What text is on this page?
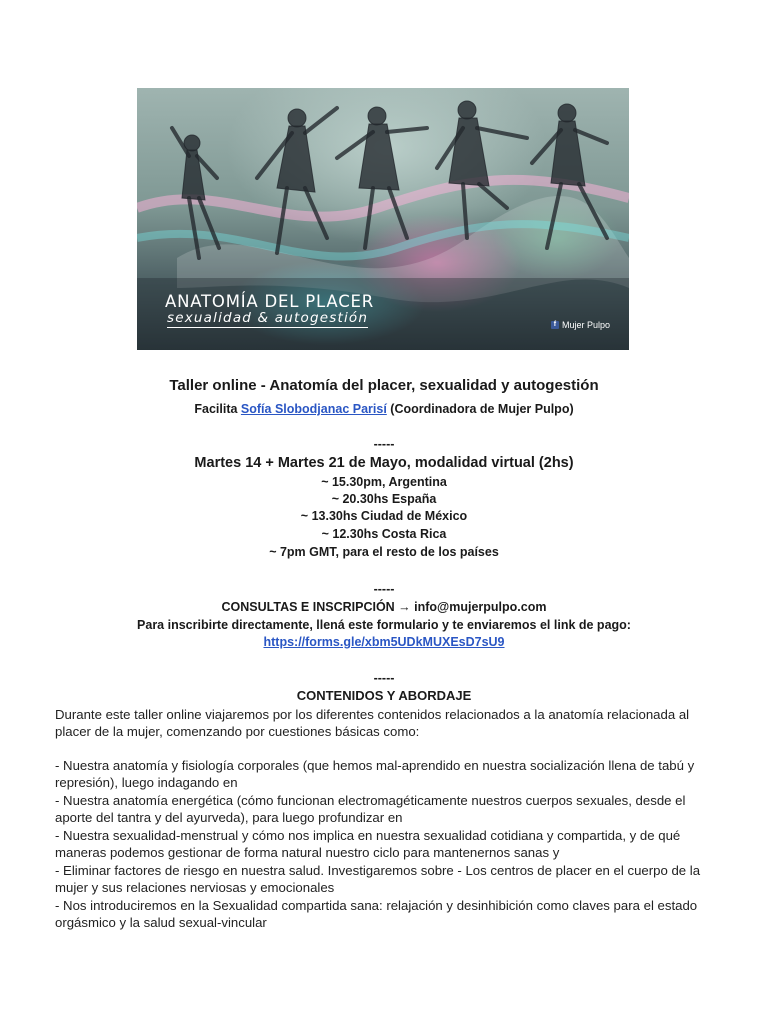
ANATOMÍA DEL PLACER

sexualidad & autogestión	f Mujer Pulpo

Taller online - Anatomía del placer, sexualidad y autogestión

Facilita Sofía Slobodjanac Parisí (Coordinadora de Mujer Pulpo)

-----

Martes 14 + Martes 21 de Mayo, modalidad virtual (2hs)

~ 15.30pm, Argentina

~ 20.30hs España

~ 13.30hs Ciudad de México

~ 12.30hs Costa Rica

~ 7pm GMT, para el resto de los países

-----

CONSULTAS E INSCRIPCIÓN → info@mujerpulpo.com

Para inscribirte directamente, llená este formulario y te enviaremos el link de pago:

https://forms.gle/xbm5UDkMUXEsD7sU9

-----

CONTENIDOS Y ABORDAJE

Durante este taller online viajaremos por los diferentes contenidos relacionados a la anatomía relacionada al placer de la mujer, comenzando por cuestiones básicas como:

- Nuestra anatomía y fisiología corporales (que hemos mal-aprendido en nuestra socialización llena de tabú y represión), luego indagando en

- Nuestra anatomía energética (cómo funcionan electromagéticamente nuestros cuerpos sexuales, desde el aporte del tantra y del ayurveda), para luego profundizar en

- Nuestra sexualidad-menstrual y cómo nos implica en nuestra sexualidad cotidiana y compartida, y de qué maneras podemos gestionar de forma natural nuestro ciclo para mantenernos sanas y

- Eliminar factores de riesgo en nuestra salud. Investigaremos sobre - Los centros de placer en el cuerpo de la mujer y sus relaciones nerviosas y emocionales

- Nos introduciremos en la Sexualidad compartida sana: relajación y desinhibición como claves para el estado orgásmico y la salud sexual-vincular
